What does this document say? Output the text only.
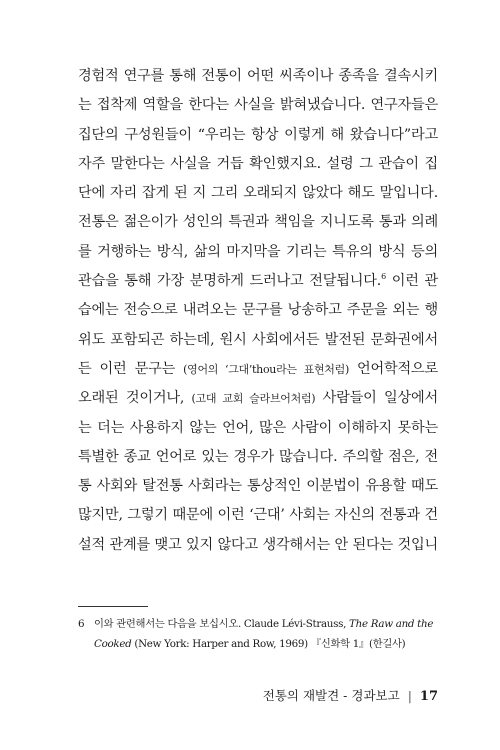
경험적 연구를 통해 전통이 어떤 씨족이나 종족을 결속시키
는 접착제 역할을 한다는 사실을 밝혀냈습니다. 연구자들은
집단의 구성원들이 “우리는 항상 이렇게 해 왔습니다”라고
자주 말한다는 사실을 거듭 확인했지요. 설령 그 관습이 집
단에 자리 잡게 된 지 그리 오래되지 않았다 해도 말입니다.
전통은 젊은이가 성인의 특권과 책임을 지니도록 통과 의례
를 거행하는 방식, 삶의 마지막을 기리는 특유의 방식 등의
관습을 통해 가장 분명하게 드러나고 전달됩니다.$^6$ 이런 관
습에는 전승으로 내려오는 문구를 낭송하고 주문을 외는 행
위도 포함되곤 하는데, 원시 사회에서든 발전된 문화권에서
든 이런 문구는 (영어의 ‘그대’thou라는 표현처럼) 언어학적으로
오래된 것이거나, (고대 교회 슬라브어처럼) 사람들이 일상에서
는 더는 사용하지 않는 언어, 많은 사람이 이해하지 못하는
특별한 종교 언어로 있는 경우가 많습니다. 주의할 점은, 전
통 사회와 탈전통 사회라는 통상적인 이분법이 유용할 때도
많지만, 그렇기 때문에 이런 ‘근대’ 사회는 자신의 전통과 건
설적 관계를 맺고 있지 않다고 생각해서는 안 된다는 것입니
6 이와 관련해서는 다음을 보십시오. Claude Lévi-Strauss, The Raw and the
Cooked (New York: Harper and Row, 1969) 『신화학 1』(한길사)
전통의 재발견 - 경과보고 | 17
